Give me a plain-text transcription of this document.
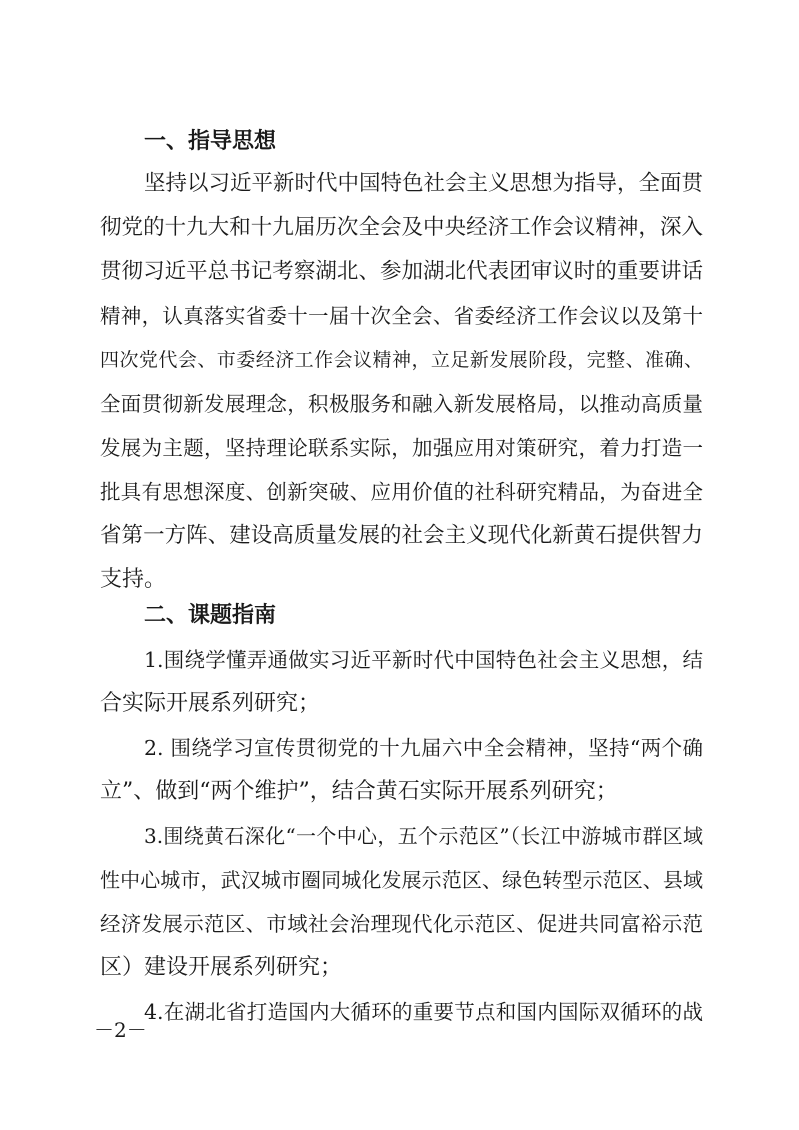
一、指导思想
坚持以习近平新时代中国特色社会主义思想为指导，全面贯
彻党的十九大和十九届历次全会及中央经济工作会议精神，深入
贯彻习近平总书记考察湖北、参加湖北代表团审议时的重要讲话
精神，认真落实省委十一届十次全会、省委经济工作会议以及第十
四次党代会、市委经济工作会议精神，立足新发展阶段，完整、准确、
全面贯彻新发展理念，积极服务和融入新发展格局，以推动高质量
发展为主题，坚持理论联系实际，加强应用对策研究，着力打造一
批具有思想深度、创新突破、应用价值的社科研究精品，为奋进全
省第一方阵、建设高质量发展的社会主义现代化新黄石提供智力
支持。
二、课题指南
1.围绕学懂弄通做实习近平新时代中国特色社会主义思想，结
合实际开展系列研究；
2. 围绕学习宣传贯彻党的十九届六中全会精神，坚持“两个确
立”、做到“两个维护”，结合黄石实际开展系列研究；
3.围绕黄石深化“一个中心，五个示范区”（长江中游城市群区域
性中心城市，武汉城市圈同城化发展示范区、绿色转型示范区、县域
经济发展示范区、市域社会治理现代化示范区、促进共同富裕示范
区）建设开展系列研究；
4.在湖北省打造国内大循环的重要节点和国内国际双循环的战
－2－
